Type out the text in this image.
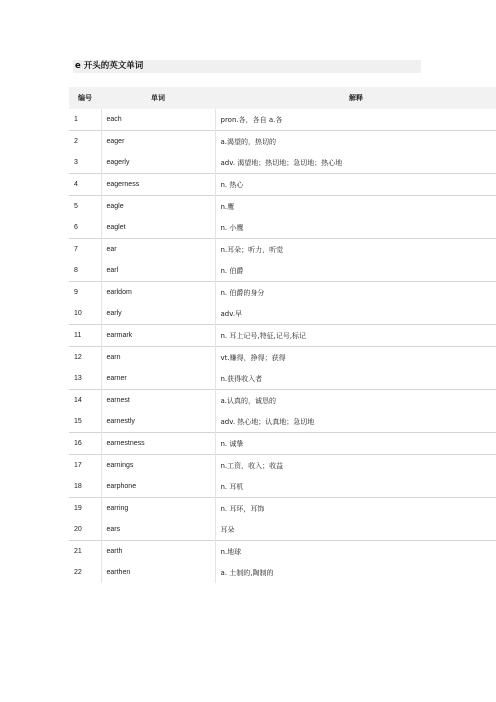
e 开头的英文单词
编号	单词	解释
1	each	pron.各，各自 a.各
2	eager	a.渴望的，热切的
3	eagerly	adv. 渴望地；热切地；急切地；热心地
4	eagerness	n. 热心
5	eagle	n.鹰
6	eaglet	n. 小鹰
7	ear	n.耳朵；听力，听觉
8	earl	n. 伯爵
9	earldom	n. 伯爵的身分
10	early	adv.早
11	earmark	n. 耳上记号,特征,记号,标记
12	earn	vt.赚得，挣得；获得
13	earner	n.获得收入者
14	earnest	a.认真的，诚恳的
15	earnestly	adv. 热心地；认真地；急切地
16	earnestness	n. 诚挚
17	earnings	n.工资，收入；收益
18	earphone	n. 耳机
19	earring	n. 耳环，耳饰
20	ears	耳朵
21	earth	n.地球
22	earthen	a. 土制的,陶制的
